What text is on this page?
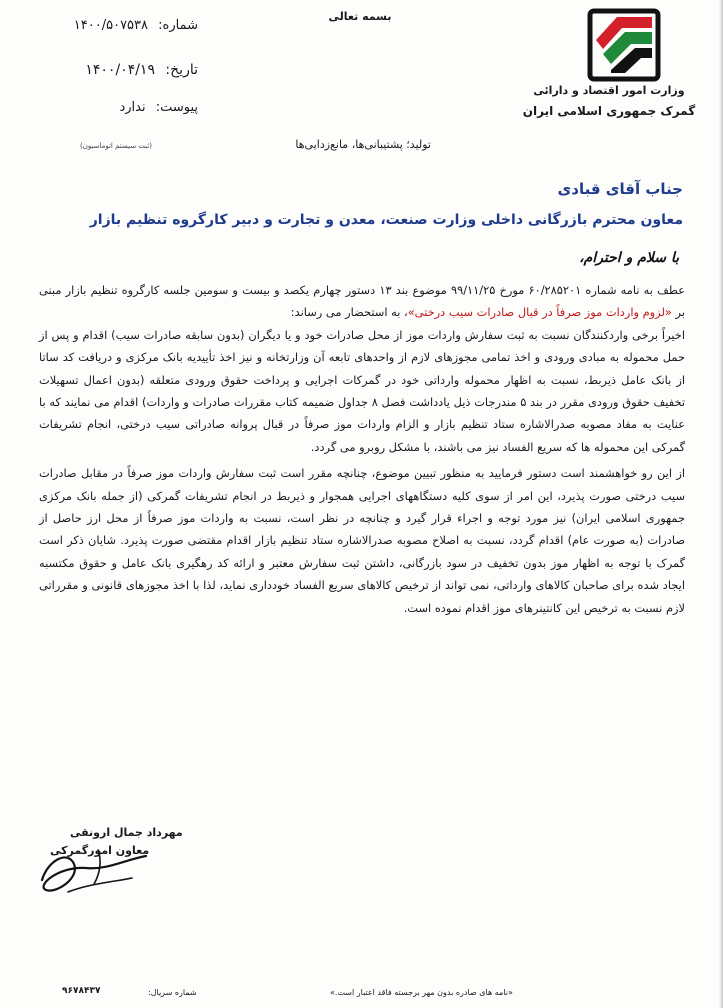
بسمه تعالی
وزارت امور اقتصاد و دارائی
گمرک جمهوری اسلامی ایران
شماره: ۱۴۰۰/۵۰۷۵۳۸
تاریخ: ۱۴۰۰/۰۴/۱۹
پیوست: ندارد
(ثبت سیستم اتوماسیون)	تولید؛ پشتیبانی‌ها، مانع‌زدایی‌ها
جناب آقای قبادی
معاون محترم بازرگانی داخلی وزارت صنعت، معدن و تجارت و دبیر کارگروه تنظیم بازار
با سلام و احترام،

عطف به نامه شماره ۶۰/۲۸۵۲۰۱ مورخ ۹۹/۱۱/۲۵ موضوع بند ۱۳ دستور چهارم یکصد و بیست و سومین جلسه کارگروه تنظیم بازار مبنی بر «لزوم واردات موز صرفاً در قبال صادرات سیب درختی»، به استحضار می رساند:

اخیراً برخی واردکنندگان نسبت به ثبت سفارش واردات موز از محل صادرات خود و یا دیگران (بدون سابقه صادرات سیب) اقدام و پس از حمل محموله به مبادی ورودی و اخذ تمامی مجوزهای لازم از واحدهای تابعه آن وزارتخانه و نیز اخذ تأییدیه بانک مرکزی و دریافت کد ساتا از بانک عامل ذیربط، نسبت به اظهار محموله وارداتی خود در گمرکات اجرایی و پرداخت حقوق ورودی متعلقه (بدون اعمال تسهیلات تخفیف حقوق ورودی مقرر در بند ۵ مندرجات ذیل یادداشت فصل ۸ جداول ضمیمه کتاب مقررات صادرات و واردات) اقدام می نمایند که با عنایت به مفاد مصوبه صدرالاشاره ستاد تنظیم بازار و الزام واردات موز صرفاً در قبال پروانه صادراتی سیب درختی، انجام تشریفات گمرکی این محموله ها که سریع الفساد نیز می باشند، با مشکل روبرو می گردد.

از این رو خواهشمند است دستور فرمایید به منظور تبیین موضوع، چنانچه مقرر است ثبت سفارش واردات موز صرفاً در مقابل صادرات سیب درختی صورت پذیرد، این امر از سوی کلیه دستگاههای اجرایی همجوار و ذیربط در انجام تشریفات گمرکی (از جمله بانک مرکزی جمهوری اسلامی ایران) نیز مورد توجه و اجراء قرار گیرد و چنانچه در نظر است، نسبت به واردات موز صرفاً از محل ارز حاصل از صادرات (به صورت عام) اقدام گردد، نسبت به اصلاح مصوبه صدرالاشاره ستاد تنظیم بازار اقدام مقتضی صورت پذیرد. شایان ذکر است گمرک با توجه به اظهار موز بدون تخفیف در سود بازرگانی، داشتن ثبت سفارش معتبر و ارائه کد رهگیری بانک عامل و حقوق مکتسبه ایجاد شده برای صاحبان کالاهای وارداتی، نمی تواند از ترخیص کالاهای سریع الفساد خودداری نماید، لذا با اخذ مجوزهای قانونی و مقرراتی لازم نسبت به ترخیص این کانتینرهای موز اقدام نموده است.

مهرداد جمال ارونقی
معاون امورگمرکی
«نامه های صادره بدون مهر برجسته فاقد اعتبار است.»
شماره سریال:
۹۶۷۸۴۳۷
